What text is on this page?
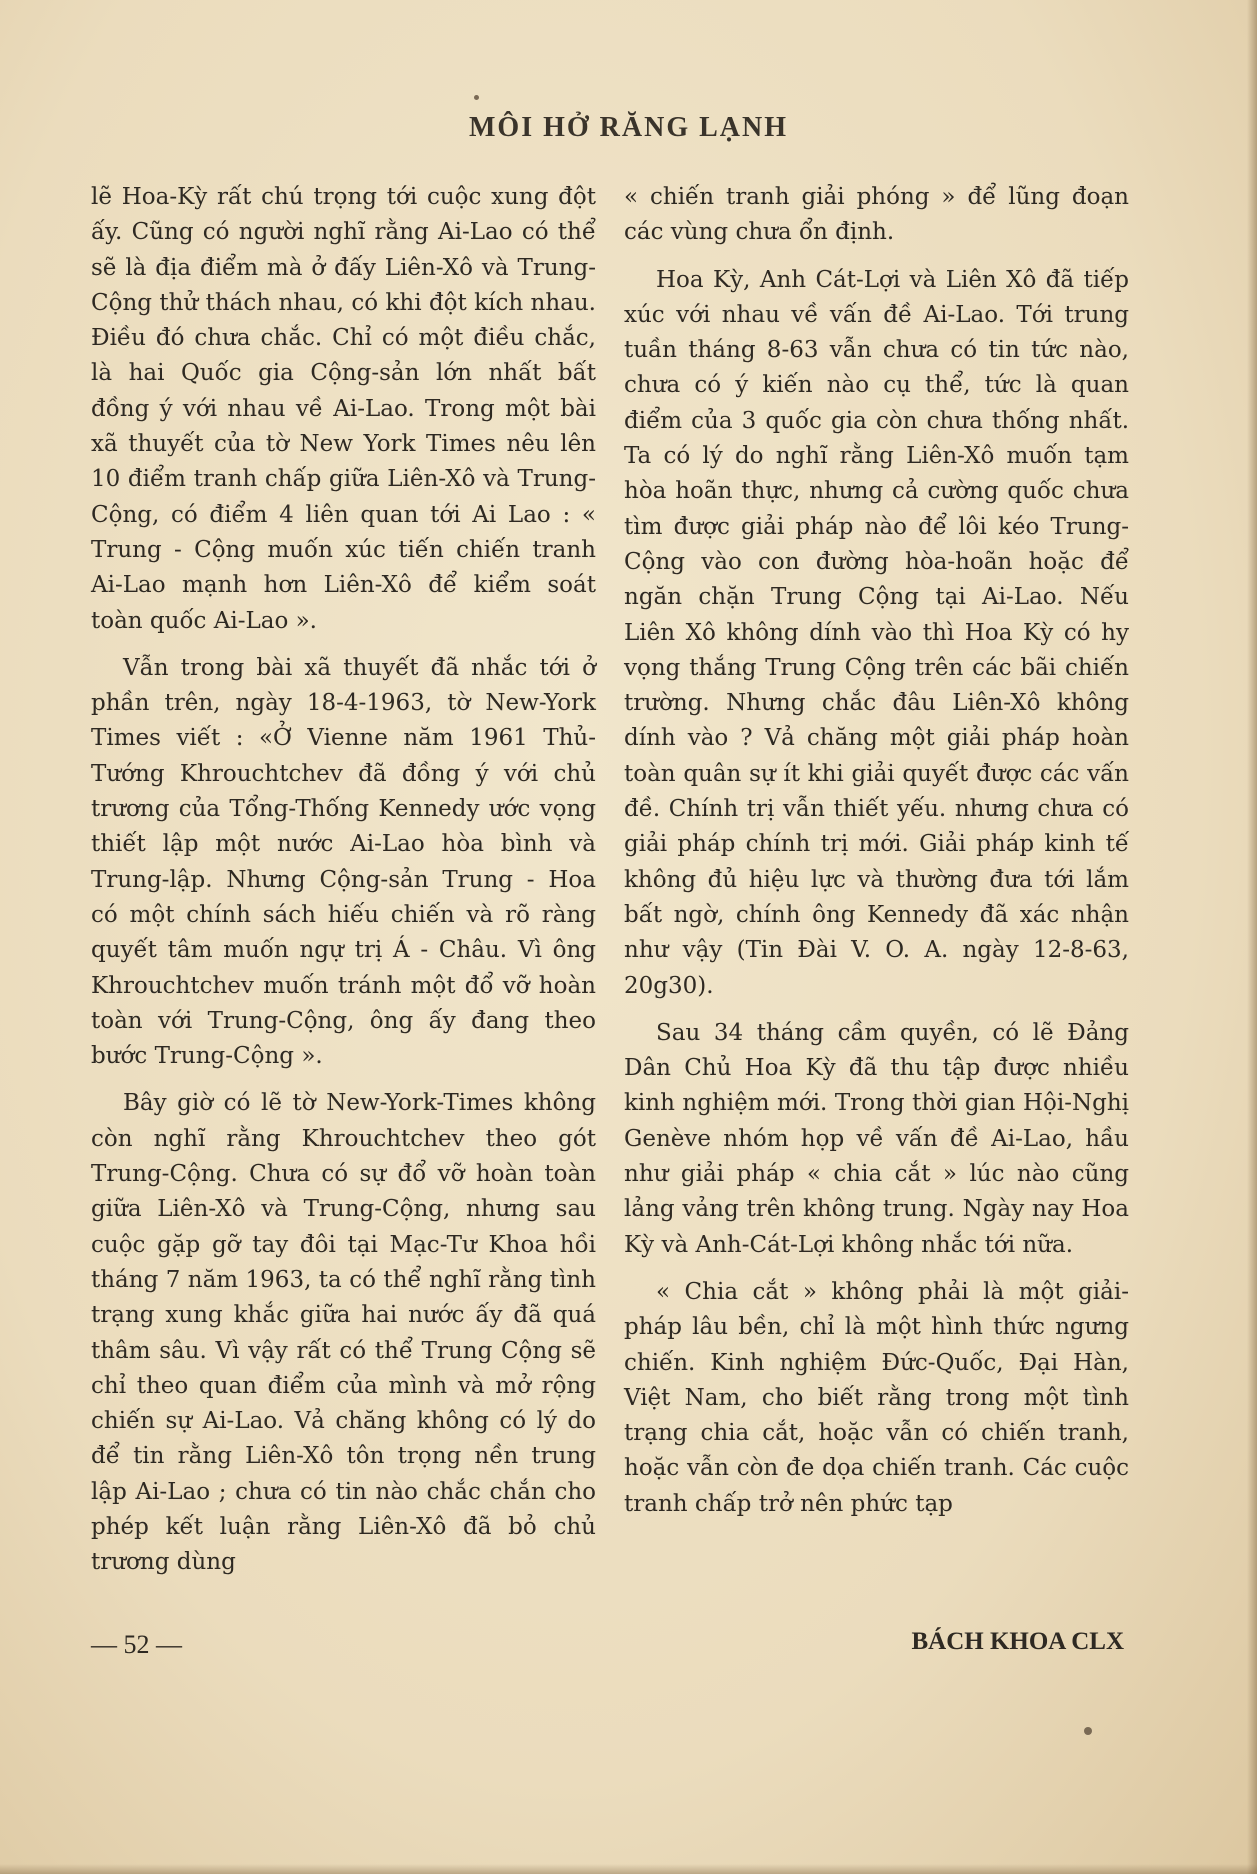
MÔI HỞ RĂNG LẠNH

lẽ Hoa-Kỳ rất chú trọng tới cuộc xung đột ấy. Cũng có người nghĩ rằng Ai-Lao có thể sẽ là địa điểm mà ở đấy Liên-Xô và Trung-Cộng thử thách nhau, có khi đột kích nhau. Điều đó chưa chắc. Chỉ có một điều chắc, là hai Quốc gia Cộng-sản lớn nhất bất đồng ý với nhau về Ai-Lao. Trong một bài xã thuyết của tờ New York Times nêu lên 10 điểm tranh chấp giữa Liên-Xô và Trung-Cộng, có điểm 4 liên quan tới Ai Lao : « Trung - Cộng muốn xúc tiến chiến tranh Ai-Lao mạnh hơn Liên-Xô để kiểm soát toàn quốc Ai-Lao ».

Vẫn trong bài xã thuyết đã nhắc tới ở phần trên, ngày 18-4-1963, tờ New-York Times viết : «Ở Vienne năm 1961 Thủ-Tướng Khrouchtchev đã đồng ý với chủ trương của Tổng-Thống Kennedy ước vọng thiết lập một nước Ai-Lao hòa bình và Trung-lập. Nhưng Cộng-sản Trung - Hoa có một chính sách hiếu chiến và rõ ràng quyết tâm muốn ngự trị Á - Châu. Vì ông Khrouchtchev muốn tránh một đổ vỡ hoàn toàn với Trung-Cộng, ông ấy đang theo bước Trung-Cộng ».

Bây giờ có lẽ tờ New-York-Times không còn nghĩ rằng Khrouchtchev theo gót Trung-Cộng. Chưa có sự đổ vỡ hoàn toàn giữa Liên-Xô và Trung-Cộng, nhưng sau cuộc gặp gỡ tay đôi tại Mạc-Tư Khoa hồi tháng 7 năm 1963, ta có thể nghĩ rằng tình trạng xung khắc giữa hai nước ấy đã quá thâm sâu. Vì vậy rất có thể Trung Cộng sẽ chỉ theo quan điểm của mình và mở rộng chiến sự Ai-Lao. Vả chăng không có lý do để tin rằng Liên-Xô tôn trọng nền trung lập Ai-Lao ; chưa có tin nào chắc chắn cho phép kết luận rằng Liên-Xô đã bỏ chủ trương dùng

« chiến tranh giải phóng » để lũng đoạn các vùng chưa ổn định.

Hoa Kỳ, Anh Cát-Lợi và Liên Xô đã tiếp xúc với nhau về vấn đề Ai-Lao. Tới trung tuần tháng 8-63 vẫn chưa có tin tức nào, chưa có ý kiến nào cụ thể, tức là quan điểm của 3 quốc gia còn chưa thống nhất. Ta có lý do nghĩ rằng Liên-Xô muốn tạm hòa hoãn thực, nhưng cả cường quốc chưa tìm được giải pháp nào để lôi kéo Trung-Cộng vào con đường hòa-hoãn hoặc để ngăn chặn Trung Cộng tại Ai-Lao. Nếu Liên Xô không dính vào thì Hoa Kỳ có hy vọng thắng Trung Cộng trên các bãi chiến trường. Nhưng chắc đâu Liên-Xô không dính vào ? Vả chăng một giải pháp hoàn toàn quân sự ít khi giải quyết được các vấn đề. Chính trị vẫn thiết yếu. nhưng chưa có giải pháp chính trị mới. Giải pháp kinh tế không đủ hiệu lực và thường đưa tới lắm bất ngờ, chính ông Kennedy đã xác nhận như vậy (Tin Đài V. O. A. ngày 12-8-63, 20g30).

Sau 34 tháng cầm quyền, có lẽ Đảng Dân Chủ Hoa Kỳ đã thu tập được nhiều kinh nghiệm mới. Trong thời gian Hội-Nghị Genève nhóm họp về vấn đề Ai-Lao, hầu như giải pháp « chia cắt » lúc nào cũng lảng vảng trên không trung. Ngày nay Hoa Kỳ và Anh-Cát-Lợi không nhắc tới nữa.

« Chia cắt » không phải là một giải-pháp lâu bền, chỉ là một hình thức ngưng chiến. Kinh nghiệm Đức-Quốc, Đại Hàn, Việt Nam, cho biết rằng trong một tình trạng chia cắt, hoặc vẫn có chiến tranh, hoặc vẫn còn đe dọa chiến tranh. Các cuộc tranh chấp trở nên phức tạp

— 52 —	BÁCH KHOA CLX
